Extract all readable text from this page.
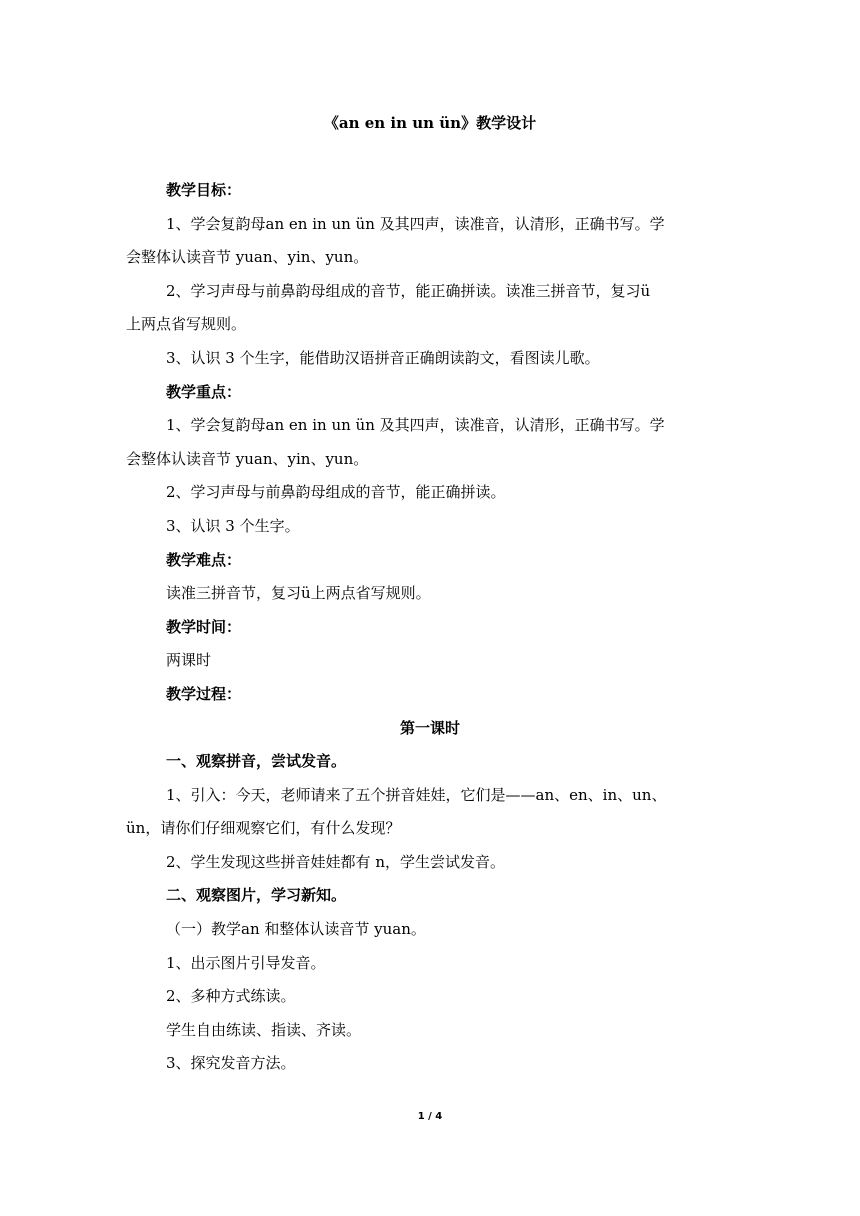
《an en in un ün》教学设计

教学目标：

1、学会复韵母an en in un ün 及其四声，读准音，认清形，正确书写。学

会整体认读音节 yuan、yin、yun。

2、学习声母与前鼻韵母组成的音节，能正确拼读。读准三拼音节，复习ü

上两点省写规则。

3、认识 3 个生字，能借助汉语拼音正确朗读韵文，看图读儿歌。

教学重点：

1、学会复韵母an en in un ün 及其四声，读准音，认清形，正确书写。学

会整体认读音节 yuan、yin、yun。

2、学习声母与前鼻韵母组成的音节，能正确拼读。

3、认识 3 个生字。

教学难点：

读准三拼音节，复习ü上两点省写规则。

教学时间：

两课时

教学过程：

第一课时

一、观察拼音，尝试发音。

1、引入：今天，老师请来了五个拼音娃娃，它们是——an、en、in、un、

ün，请你们仔细观察它们，有什么发现？

2、学生发现这些拼音娃娃都有 n，学生尝试发音。

二、观察图片，学习新知。

（一）教学an 和整体认读音节 yuan。

1、出示图片引导发音。

2、多种方式练读。

学生自由练读、指读、齐读。

3、探究发音方法。

1 / 4
